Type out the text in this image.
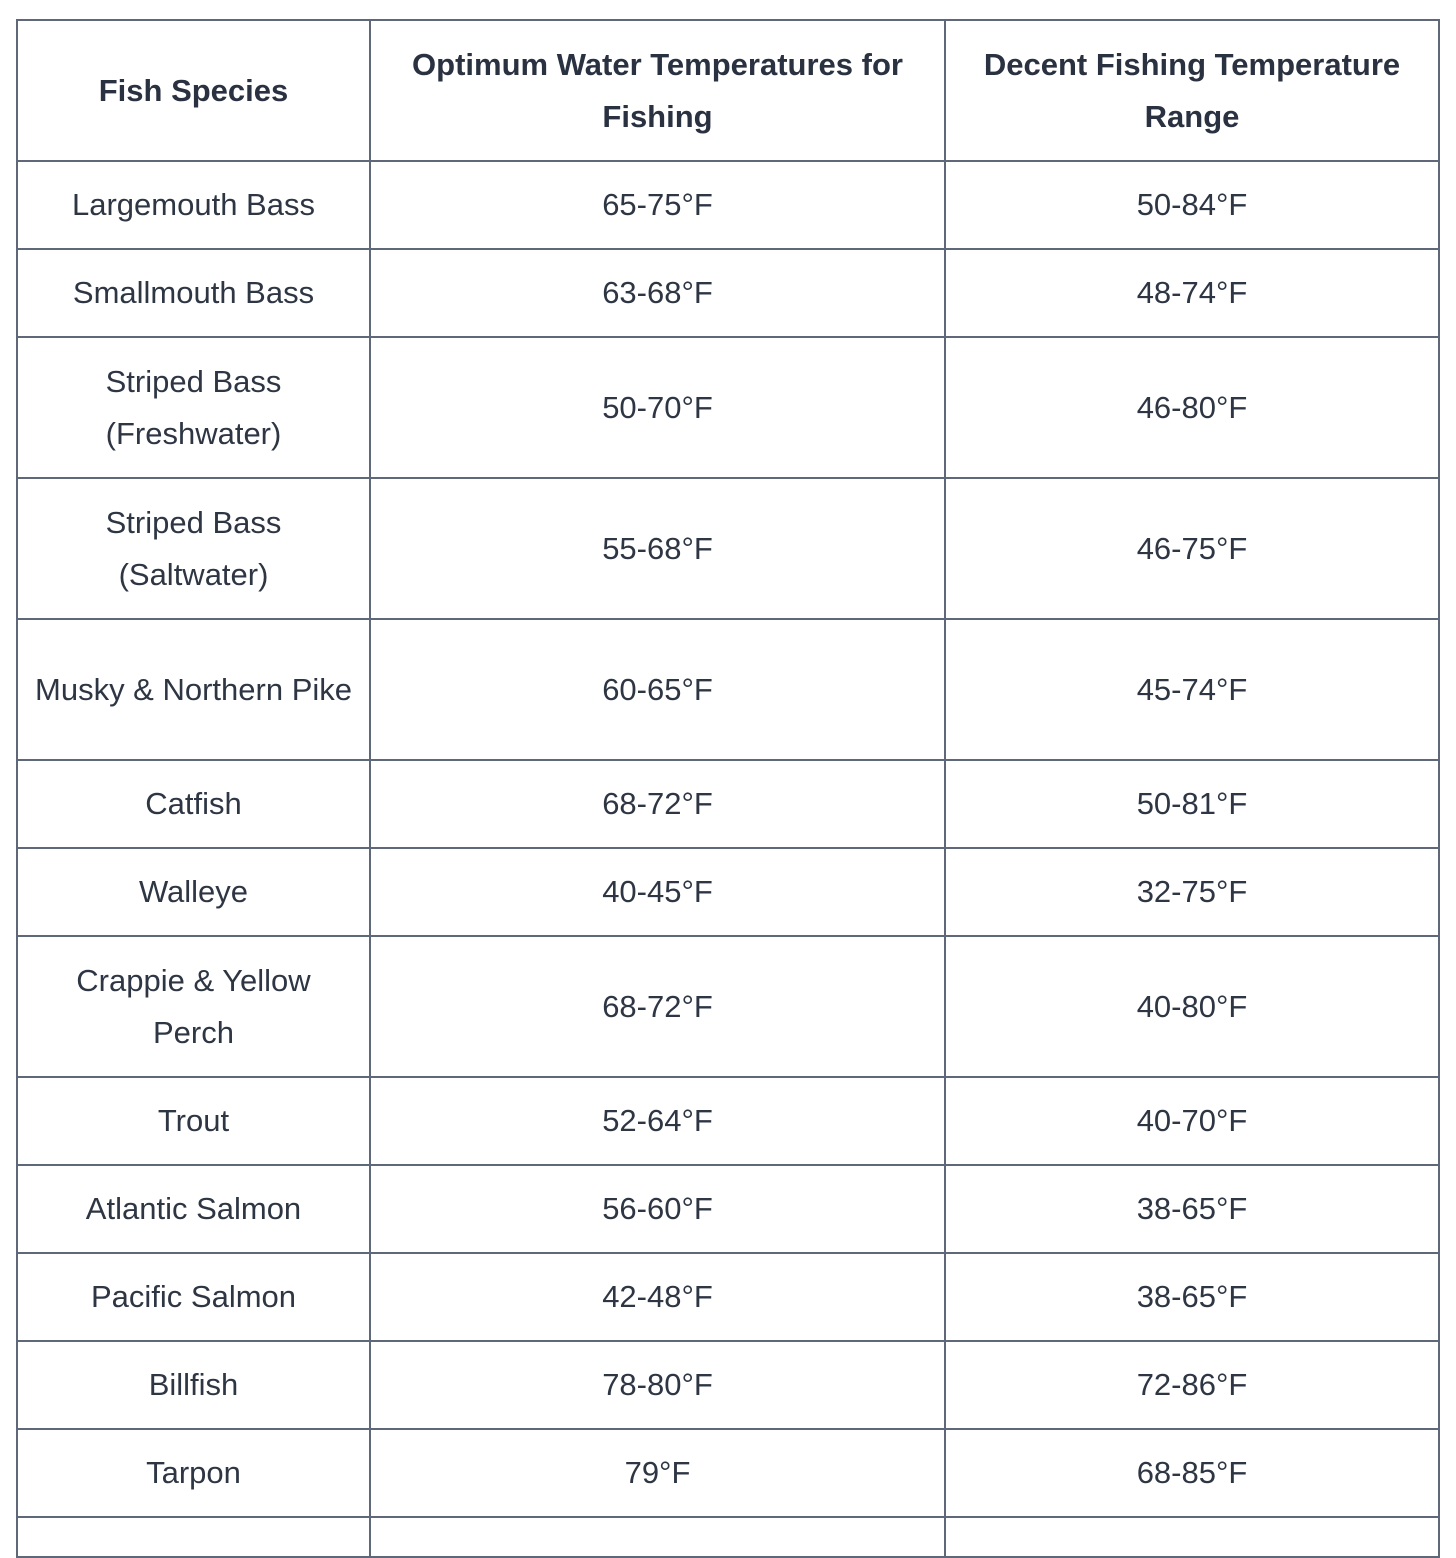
Fish Species	Optimum Water Temperatures for Fishing	Decent Fishing Temperature Range
Largemouth Bass	65-75°F	50-84°F
Smallmouth Bass	63-68°F	48-74°F
Striped Bass (Freshwater)	50-70°F	46-80°F
Striped Bass (Saltwater)	55-68°F	46-75°F
Musky & Northern Pike	60-65°F	45-74°F
Catfish	68-72°F	50-81°F
Walleye	40-45°F	32-75°F
Crappie & Yellow Perch	68-72°F	40-80°F
Trout	52-64°F	40-70°F
Atlantic Salmon	56-60°F	38-65°F
Pacific Salmon	42-48°F	38-65°F
Billfish	78-80°F	72-86°F
Tarpon	79°F	68-85°F
